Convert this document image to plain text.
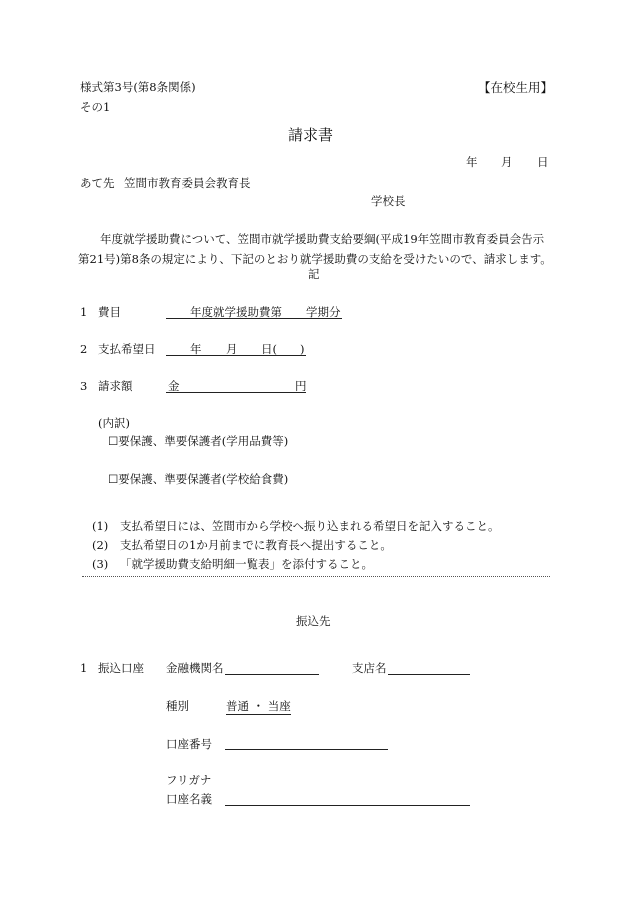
様式第3号(第8条関係)
その1
【在校生用】
請求書
年 月 日
あて先 笠間市教育委員会教育長
学校長
年度就学援助費について、笠間市就学援助費支給要綱(平成19年笠間市教育委員会告示第21号)第8条の規定により、下記のとおり就学援助費の支給を受けたいので、請求します。
記
1 費目	年度就学援助費第 学期分
2 支払希望日	年 月 日( )
3 請求額	金	円
(内訳)
☐要保護、準要保護者(学用品費等)
☐要保護、準要保護者(学校給食費)
(1) 支払希望日には、笠間市から学校へ振り込まれる希望日を記入すること。
(2) 支払希望日の1か月前までに教育長へ提出すること。
(3) 「就学援助費支給明細一覧表」を添付すること。
振込先
1 振込口座 金融機関名	支店名
種別	普通 ・ 当座
口座番号
フリガナ
口座名義
